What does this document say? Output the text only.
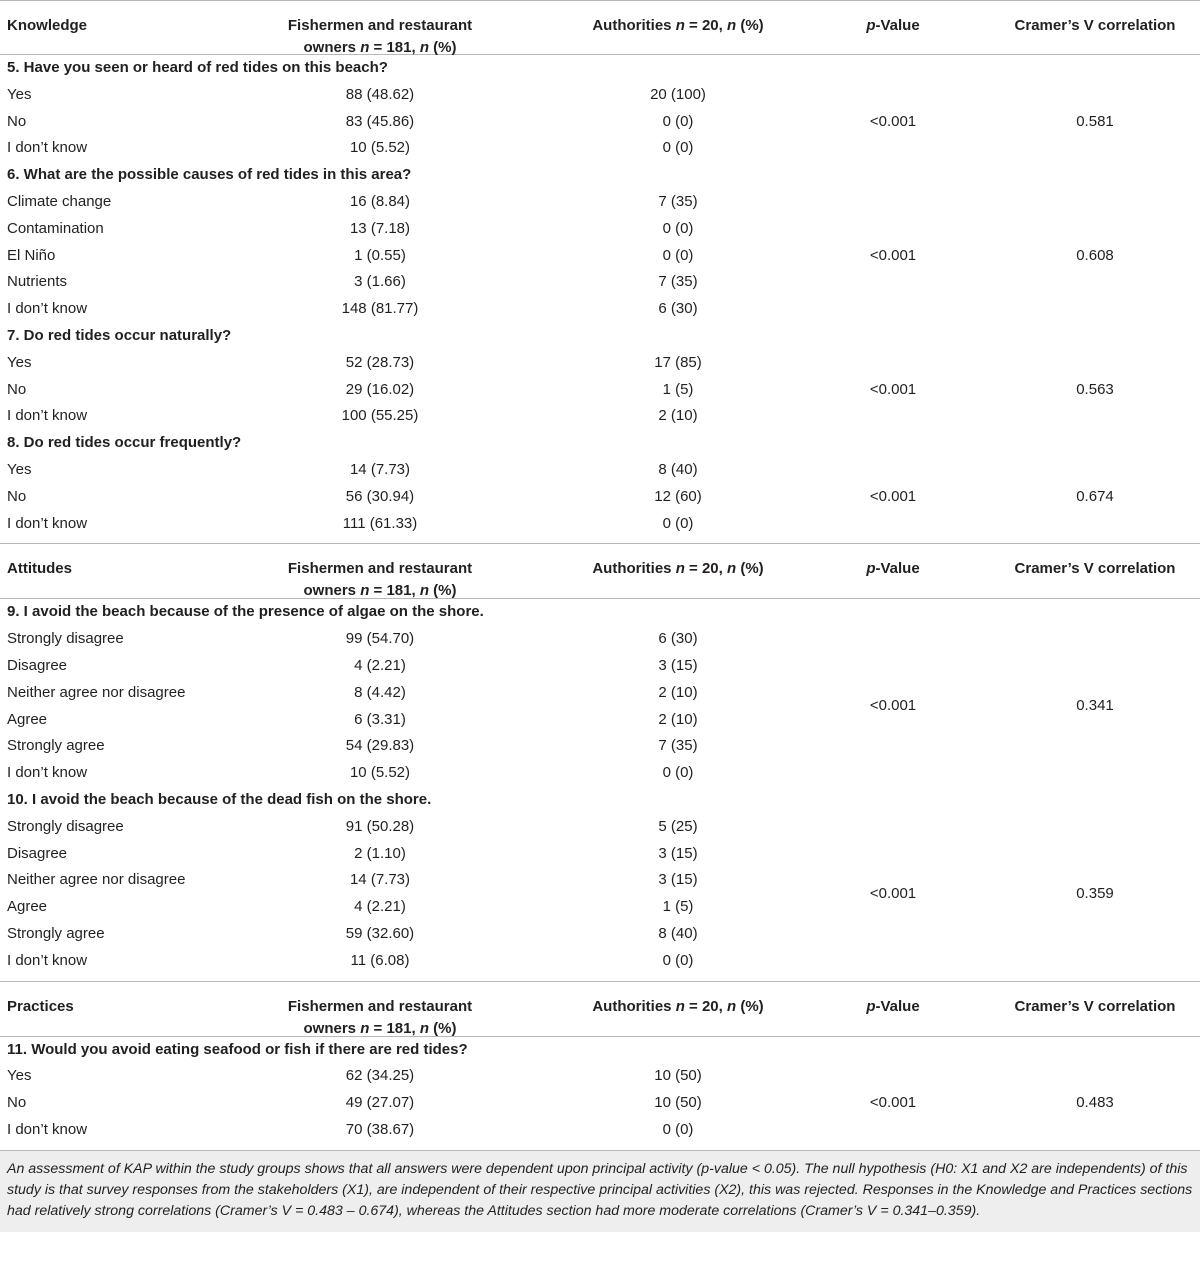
Knowledge	Fishermen and restaurant
owners n = 181, n (%)
Authorities n = 20, n (%)	p-Value	Cramer’s V correlation
5. Have you seen or heard of red tides on this beach?
Yes	88 (48.62)	20 (100)
No	83 (45.86)	0 (0)
I don’t know	10 (5.52)	0 (0)
<0.001	0.581
6. What are the possible causes of red tides in this area?
Climate change	16 (8.84)	7 (35)
Contamination	13 (7.18)	0 (0)
El Niño	1 (0.55)	0 (0)
Nutrients	3 (1.66)	7 (35)
I don’t know	148 (81.77)	6 (30)
<0.001	0.608
7. Do red tides occur naturally?
Yes	52 (28.73)	17 (85)
No	29 (16.02)	1 (5)
I don’t know	100 (55.25)	2 (10)
<0.001	0.563
8. Do red tides occur frequently?
Yes	14 (7.73)	8 (40)
No	56 (30.94)	12 (60)
I don’t know	111 (61.33)	0 (0)
<0.001	0.674
Attitudes	Fishermen and restaurant
owners n = 181, n (%)
Authorities n = 20, n (%)	p-Value	Cramer’s V correlation
9. I avoid the beach because of the presence of algae on the shore.
Strongly disagree	99 (54.70)	6 (30)
Disagree	4 (2.21)	3 (15)
Neither agree nor disagree	8 (4.42)	2 (10)
Agree	6 (3.31)	2 (10)
Strongly agree	54 (29.83)	7 (35)
I don’t know	10 (5.52)	0 (0)
<0.001	0.341
10. I avoid the beach because of the dead fish on the shore.
Strongly disagree	91 (50.28)	5 (25)
Disagree	2 (1.10)	3 (15)
Neither agree nor disagree	14 (7.73)	3 (15)
Agree	4 (2.21)	1 (5)
Strongly agree	59 (32.60)	8 (40)
I don’t know	11 (6.08)	0 (0)
<0.001	0.359
Practices	Fishermen and restaurant
owners n = 181, n (%)
Authorities n = 20, n (%)	p-Value	Cramer’s V correlation
11. Would you avoid eating seafood or fish if there are red tides?
Yes	62 (34.25)	10 (50)
No	49 (27.07)	10 (50)
I don’t know	70 (38.67)	0 (0)
<0.001	0.483
An assessment of KAP within the study groups shows that all answers were dependent upon principal activity (p-value < 0.05). The null hypothesis (H0: X1 and X2 are independents) of this study is that survey responses from the stakeholders (X1), are independent of their respective principal activities (X2), this was rejected. Responses in the Knowledge and Practices sections had relatively strong correlations (Cramer’s V = 0.483 – 0.674), whereas the Attitudes section had more moderate correlations (Cramer’s V = 0.341–0.359).
